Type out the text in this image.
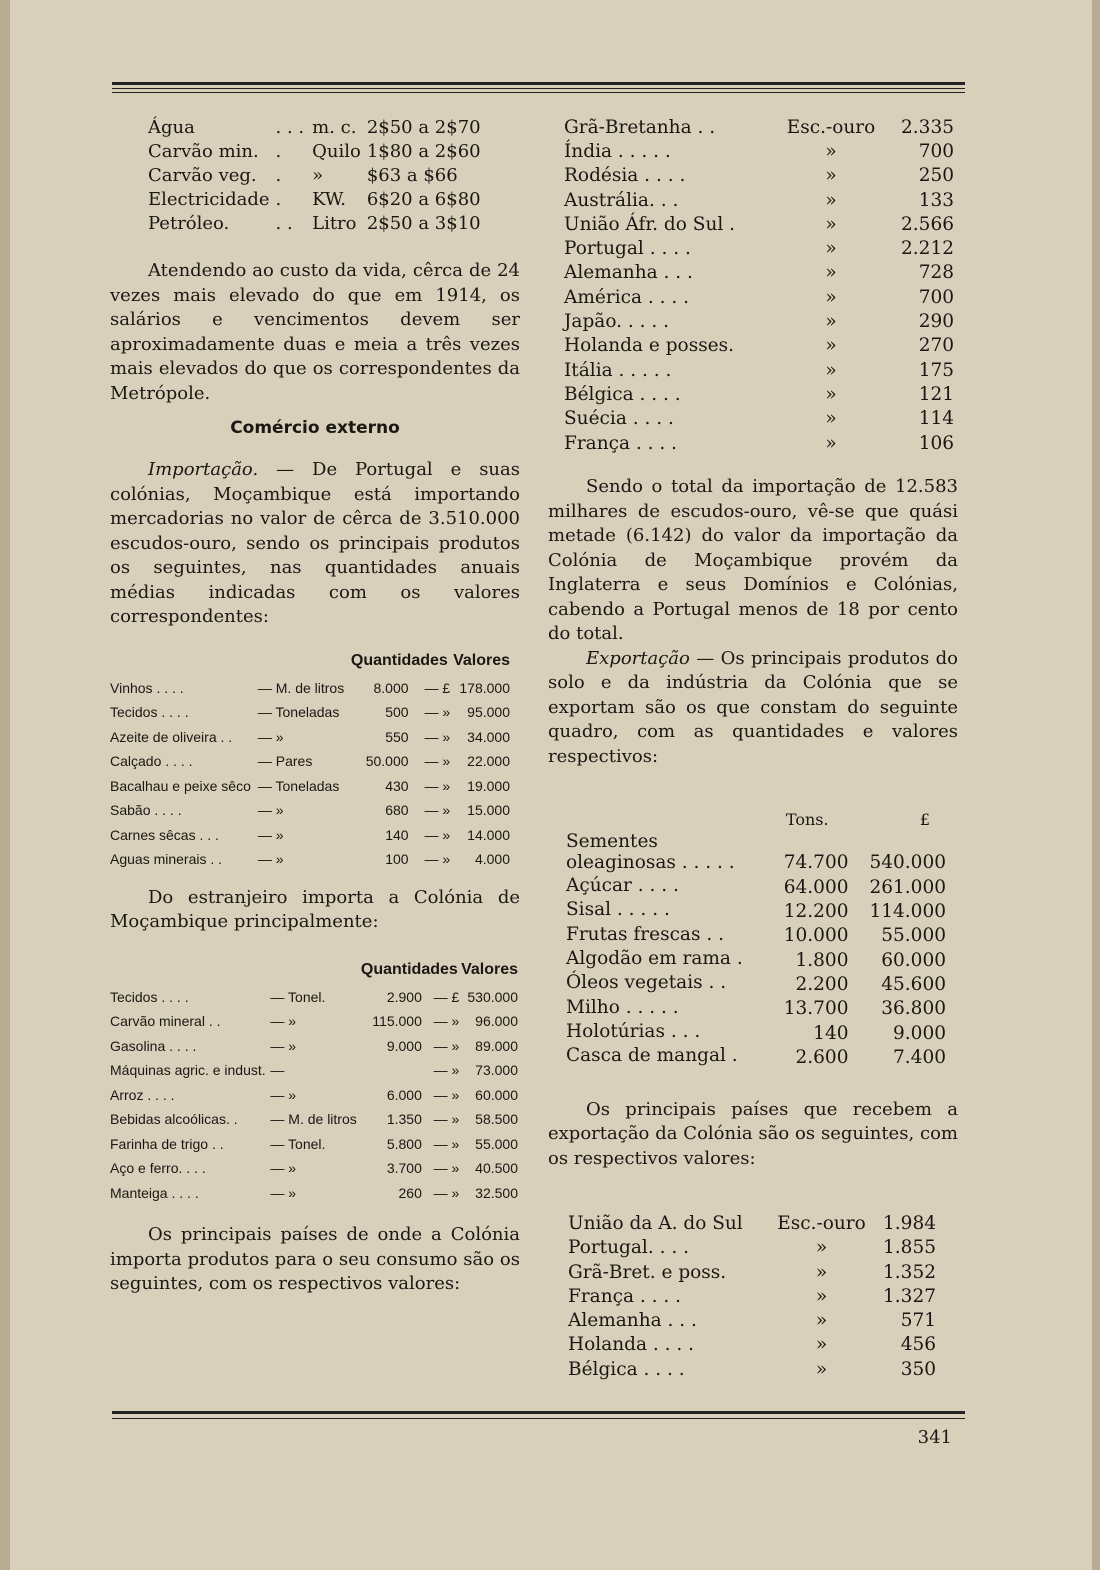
Água	. . .	m. c.	2$50 a 2$70
Carvão min.	.	Quilo	1$80 a 2$60
Carvão veg.	.	»	$63 a $66
Electricidade	.	KW.	6$20 a 6$80
Petróleo.	. .	Litro	2$50 a 3$10

Atendendo ao custo da vida, cêrca de 24 vezes mais elevado do que em 1914, os salários e vencimentos devem ser aproximadamente duas e meia a três vezes mais elevados do que os correspondentes da Metrópole.

Comércio externo

Importação. — De Portugal e suas colónias, Moçambique está importando mercadorias no valor de cêrca de 3.510.000 escudos-ouro, sendo os principais produtos os seguintes, nas quantidades anuais médias indicadas com os valores correspondentes:

		Quantidades		Valores
Vinhos . . . .	— M. de litros	8.000	— £	178.000
Tecidos . . . .	— Toneladas	500	— »	95.000
Azeite de oliveira . .	— »	550	— »	34.000
Calçado . . . .	— Pares	50.000	— »	22.000
Bacalhau e peixe sêco	— Toneladas	430	— »	19.000
Sabão . . . .	— »	680	— »	15.000
Carnes sêcas . . .	— »	140	— »	14.000
Aguas minerais . .	— »	100	— »	4.000

Do estranjeiro importa a Colónia de Moçambique principalmente:

		Quantidades		Valores
Tecidos . . . .	— Tonel.	2.900	— £	530.000
Carvão mineral . .	— »	115.000	— »	96.000
Gasolina . . . .	— »	9.000	— »	89.000
Máquinas agric. e indust.	—		— »	73.000
Arroz . . . .	— »	6.000	— »	60.000
Bebidas alcoólicas. .	— M. de litros	1.350	— »	58.500
Farinha de trigo . .	— Tonel.	5.800	— »	55.000
Aço e ferro. . . .	— »	3.700	— »	40.500
Manteiga . . . .	— »	260	— »	32.500

Os principais países de onde a Colónia importa produtos para o seu consumo são os seguintes, com os respectivos valores:

Grã-Bretanha . .	Esc.-ouro	2.335
Índia . . . . .	»	700
Rodésia . . . .	»	250
Austrália. . .	»	133
União Áfr. do Sul .	»	2.566
Portugal . . . .	»	2.212
Alemanha . . .	»	728
América . . . .	»	700
Japão. . . . .	»	290
Holanda e posses.	»	270
Itália . . . . .	»	175
Bélgica . . . .	»	121
Suécia . . . .	»	114
França . . . .	»	106

Sendo o total da importação de 12.583 milhares de escudos-ouro, vê-se que quási metade (6.142) do valor da importação da Colónia de Moçambique provém da Inglaterra e seus Domínios e Colónias, cabendo a Portugal menos de 18 por cento do total.

Exportação — Os principais produtos do solo e da indústria da Colónia que se exportam são os que constam do seguinte quadro, com as quantidades e valores respectivos:

	Tons.	£
Sementes oleaginosas . . . . .	74.700	540.000
Açúcar . . . .	64.000	261.000
Sisal . . . . .	12.200	114.000
Frutas frescas . .	10.000	55.000
Algodão em rama .	1.800	60.000
Óleos vegetais . .	2.200	45.600
Milho . . . . .	13.700	36.800
Holotúrias . . .	140	9.000
Casca de mangal .	2.600	7.400

Os principais países que recebem a exportação da Colónia são os seguintes, com os respectivos valores:

União da A. do Sul	Esc.-ouro	1.984
Portugal. . . .	»	1.855
Grã-Bret. e poss.	»	1.352
França . . . .	»	1.327
Alemanha . . .	»	571
Holanda . . . .	»	456
Bélgica . . . .	»	350
341
